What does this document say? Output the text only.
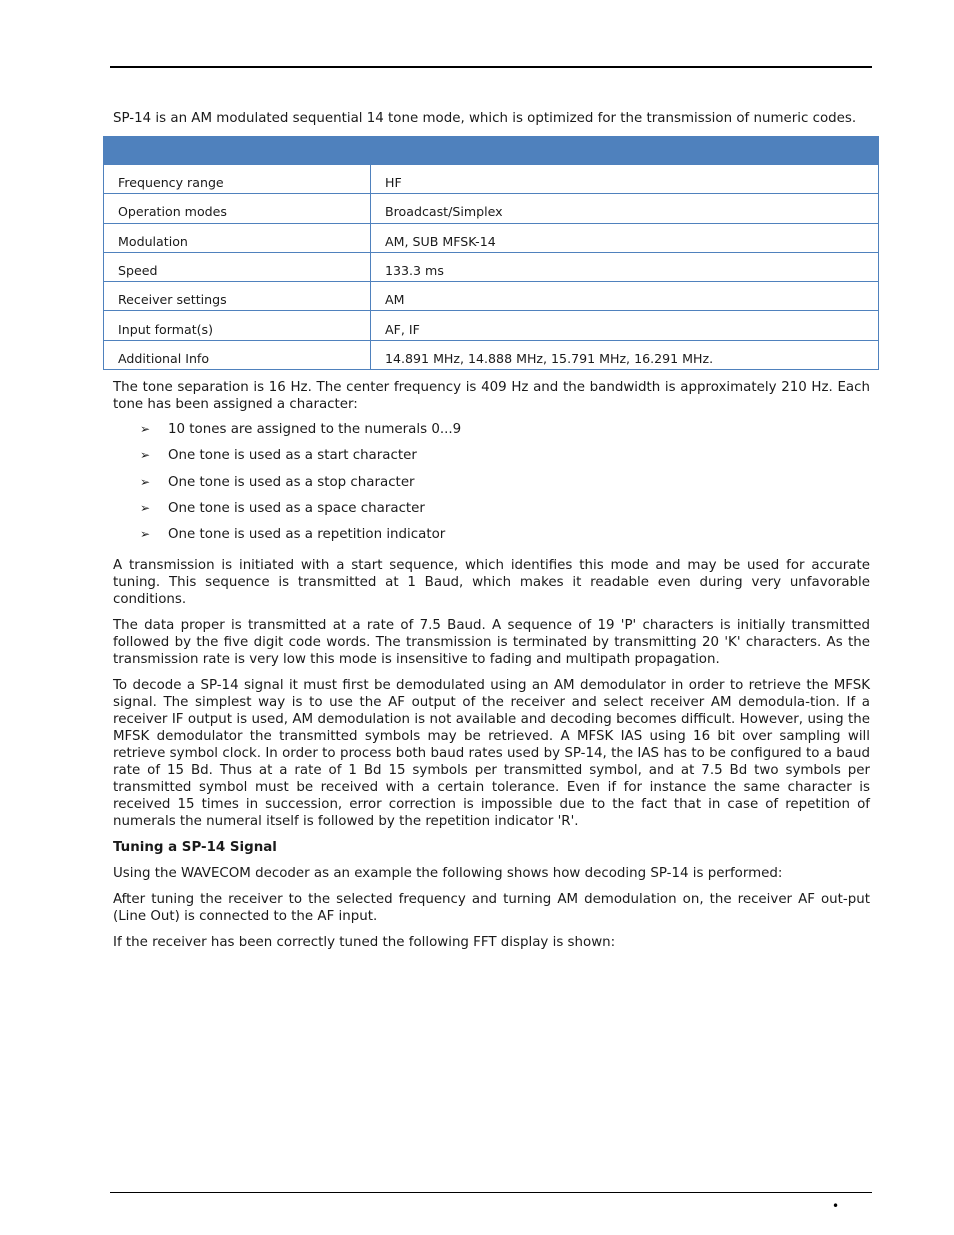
SP-14 is an AM modulated sequential 14 tone mode, which is optimized for the transmission of numeric codes.

Frequency range	HF
Operation modes	Broadcast/Simplex
Modulation	AM, SUB MFSK-14
Speed	133.3 ms
Receiver settings	AM
Input format(s)	AF, IF
Additional Info	14.891 MHz, 14.888 MHz, 15.791 MHz, 16.291 MHz.

The tone separation is 16 Hz. The center frequency is 409 Hz and the bandwidth is approximately 210 Hz. Each tone has been assigned a character:

➢ 10 tones are assigned to the numerals 0...9
➢ One tone is used as a start character
➢ One tone is used as a stop character
➢ One tone is used as a space character
➢ One tone is used as a repetition indicator

A transmission is initiated with a start sequence, which identifies this mode and may be used for accurate tuning. This sequence is transmitted at 1 Baud, which makes it readable even during very unfavorable conditions.

The data proper is transmitted at a rate of 7.5 Baud. A sequence of 19 'P' characters is initially transmitted followed by the five digit code words. The transmission is terminated by transmitting 20 'K' characters. As the transmission rate is very low this mode is insensitive to fading and multipath propagation.

To decode a SP-14 signal it must first be demodulated using an AM demodulator in order to retrieve the MFSK signal. The simplest way is to use the AF output of the receiver and select receiver AM demodula-tion. If a receiver IF output is used, AM demodulation is not available and decoding becomes difficult. However, using the MFSK demodulator the transmitted symbols may be retrieved. A MFSK IAS using 16 bit over sampling will retrieve symbol clock. In order to process both baud rates used by SP-14, the IAS has to be configured to a baud rate of 15 Bd. Thus at a rate of 1 Bd 15 symbols per transmitted symbol, and at 7.5 Bd two symbols per transmitted symbol must be received with a certain tolerance. Even if for instance the same character is received 15 times in succession, error correction is impossible due to the fact that in case of repetition of numerals the numeral itself is followed by the repetition indicator 'R'.

Tuning a SP-14 Signal

Using the WAVECOM decoder as an example the following shows how decoding SP-14 is performed:

After tuning the receiver to the selected frequency and turning AM demodulation on, the receiver AF out-put (Line Out) is connected to the AF input.

If the receiver has been correctly tuned the following FFT display is shown:

•
